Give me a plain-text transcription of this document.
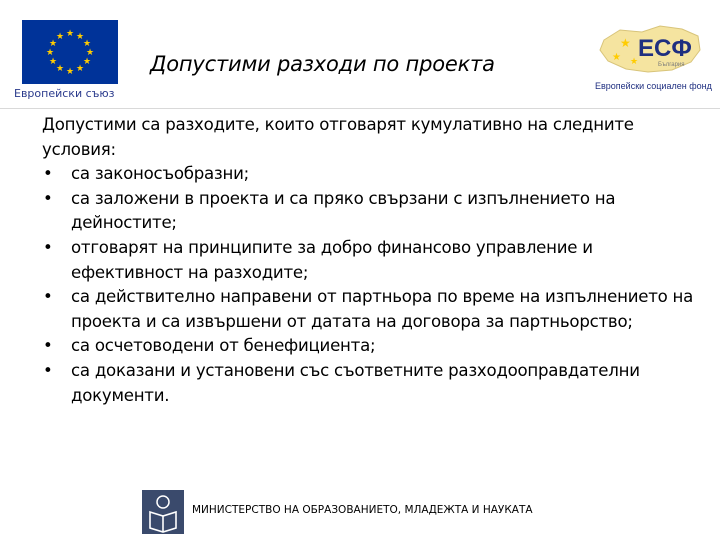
★ ★
★
★
★
★
★
★
★
★
★
★
Европейски съюз
Допустими разходи по проекта
★
★ ★ ЕСФ
България
Европейски социален фонд

Допустими са разходите, които отговарят кумулативно на следните условия:

• са законосъобразни;
• са заложени в проекта и са пряко свързани с изпълнението на дейностите;
• отговарят на принципите за добро финансово управление и ефективност на разходите;
• са действително направени от партньора по време на изпълнението на проекта и са извършени от датата на договора за партньорство;
• са осчетоводени от бенефициента;
• са доказани и установени със съответните разходооправдателни документи.
МИНИСТЕРСТВО НА ОБРАЗОВАНИЕТО, МЛАДЕЖТА И НАУКАТА
